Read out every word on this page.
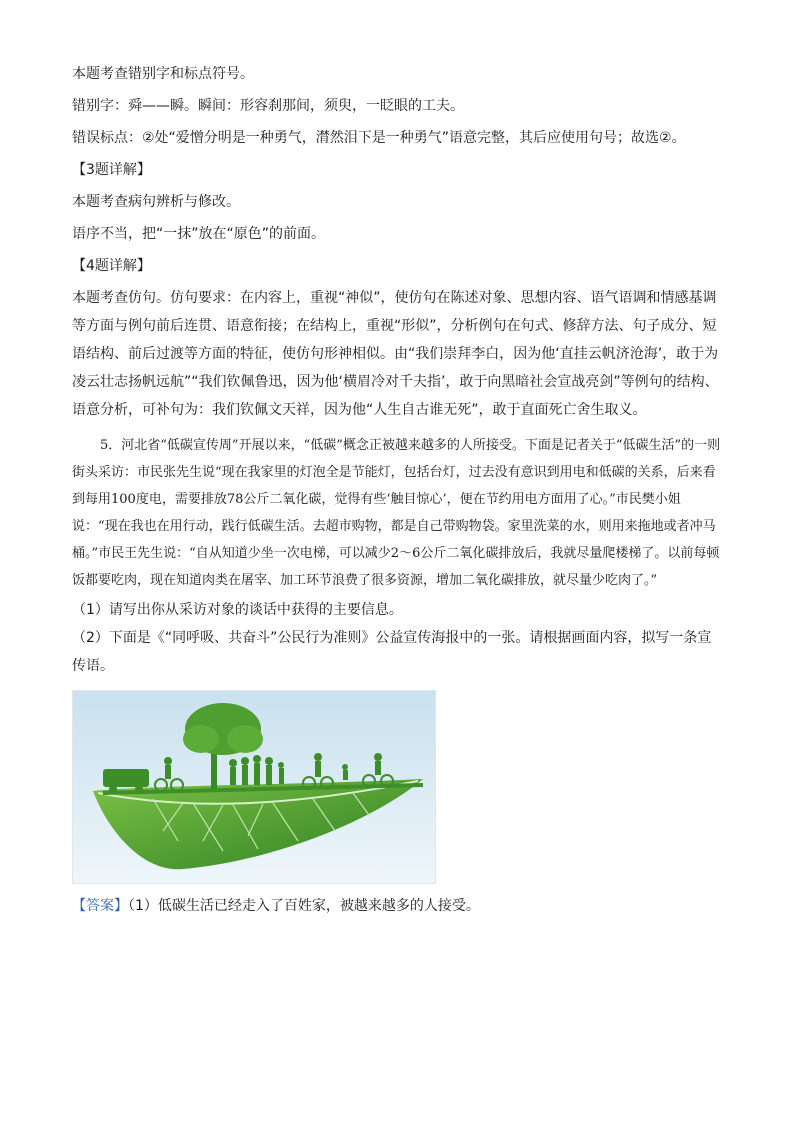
本题考查错别字和标点符号。

错别字：舜——瞬。瞬间：形容刹那间，须臾，一眨眼的工夫。

错误标点：②处“爱憎分明是一种勇气，潸然泪下是一种勇气”语意完整，其后应使用句号；故选②。

【3题详解】

本题考查病句辨析与修改。

语序不当，把“一抹”放在“原色”的前面。

【4题详解】

本题考查仿句。仿句要求：在内容上，重视“神似”，使仿句在陈述对象、思想内容、语气语调和情感基调等方面与例句前后连贯、语意衔接；在结构上，重视“形似”，分析例句在句式、修辞方法、句子成分、短语结构、前后过渡等方面的特征，使仿句形神相似。由“我们崇拜李白，因为他‘直挂云帆济沧海’，敢于为凌云壮志扬帆远航”“我们钦佩鲁迅，因为他‘横眉冷对千夫指’，敢于向黑暗社会宣战亮剑”等例句的结构、语意分析，可补句为：我们钦佩文天祥，因为他“人生自古谁无死”，敢于直面死亡舍生取义。

5．河北省“低碳宣传周”开展以来，“低碳”概念正被越来越多的人所接受。下面是记者关于“低碳生活”的一则街头采访：市民张先生说“现在我家里的灯泡全是节能灯，包括台灯，过去没有意识到用电和低碳的关系，后来看到每用100度电，需要排放78公斤二氧化碳，觉得有些‘触目惊心’，便在节约用电方面用了心。”市民樊小姐说：“现在我也在用行动，践行低碳生活。去超市购物，都是自己带购物袋。家里洗菜的水，则用来拖地或者冲马桶。”市民王先生说：“自从知道少坐一次电梯，可以减少2～6公斤二氧化碳排放后，我就尽量爬楼梯了。以前每顿饭都要吃肉，现在知道肉类在屠宰、加工环节浪费了很多资源，增加二氧化碳排放，就尽量少吃肉了。”

（1）请写出你从采访对象的谈话中获得的主要信息。

（2）下面是《“同呼吸、共奋斗”公民行为准则》公益宣传海报中的一张。请根据画面内容，拟写一条宣传语。

【答案】（1）低碳生活已经走入了百姓家，被越来越多的人接受。
